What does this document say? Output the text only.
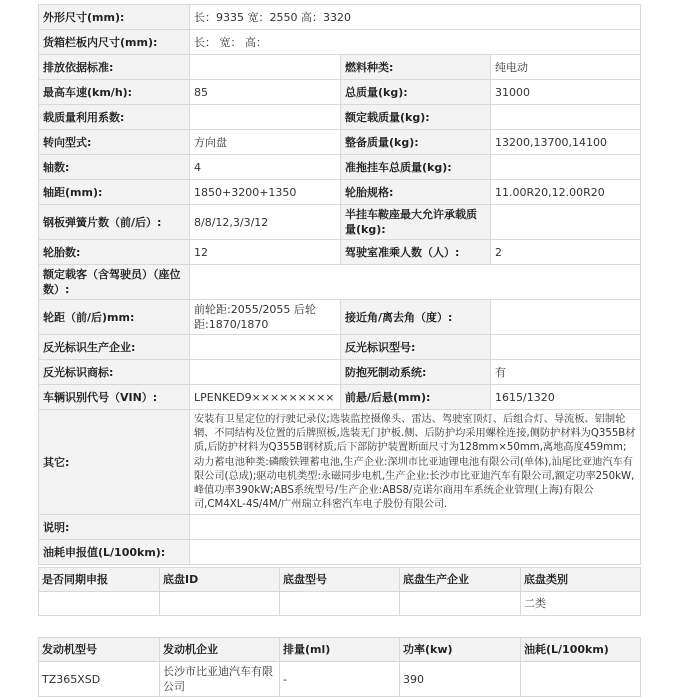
外形尺寸(mm):	长：9335 宽：2550 高：3320		
货箱栏板内尺寸(mm):	长： 宽： 高：		
排放依据标准:		燃料种类:	纯电动
最高车速(km/h):	85	总质量(kg):	31000
载质量利用系数:		额定载质量(kg):	
转向型式:	方向盘	整备质量(kg):	13200,13700,14100
轴数:	4	准拖挂车总质量(kg):	
轴距(mm):	1850+3200+1350	轮胎规格:	11.00R20,12.00R20
钢板弹簧片数（前/后）:	8/8/12,3/3/12	半挂车鞍座最大允许承载质量(kg):	
轮胎数:	12	驾驶室准乘人数（人）:	2
额定载客（含驾驶员）（座位数）:			
轮距（前/后)mm:	前轮距:2055/2055 后轮距:1870/1870	接近角/离去角（度）:	
反光标识生产企业:		反光标识型号:	
反光标识商标:		防抱死制动系统:	有
车辆识别代号（VIN）:	LPENKED9×××××××××	前悬/后悬(mm):	1615/1320
其它:	安装有卫星定位的行驶记录仪;选装监控摄像头、雷达、驾驶室顶灯、后组合灯、导流板、铝制轮辋、不同结构及位置的后牌照板,选装无门护板.侧、后防护均采用螺栓连接,侧防护材料为Q355B材质,后防护材料为Q355B钢材质,后下部防护装置断面尺寸为128mm×50mm,离地高度459mm;动力蓄电池种类:磷酸铁锂蓄电池,生产企业:深圳市比亚迪锂电池有限公司(单体),汕尾比亚迪汽车有限公司(总成);驱动电机类型:永磁同步电机,生产企业:长沙市比亚迪汽车有限公司,额定功率250kW,峰值功率390kW;ABS系统型号/生产企业:ABS8/克诺尔商用车系统企业管理(上海)有限公司,CM4XL-4S/4M/广州瑞立科密汽车电子股份有限公司.		
说明:			
油耗申报值(L/100km):			
是否同期申报	底盘ID	底盘型号	底盘生产企业	底盘类别
				二类
发动机型号	发动机企业	排量(ml)	功率(kw)	油耗(L/100km)
TZ365XSD	长沙市比亚迪汽车有限公司	-	390	
